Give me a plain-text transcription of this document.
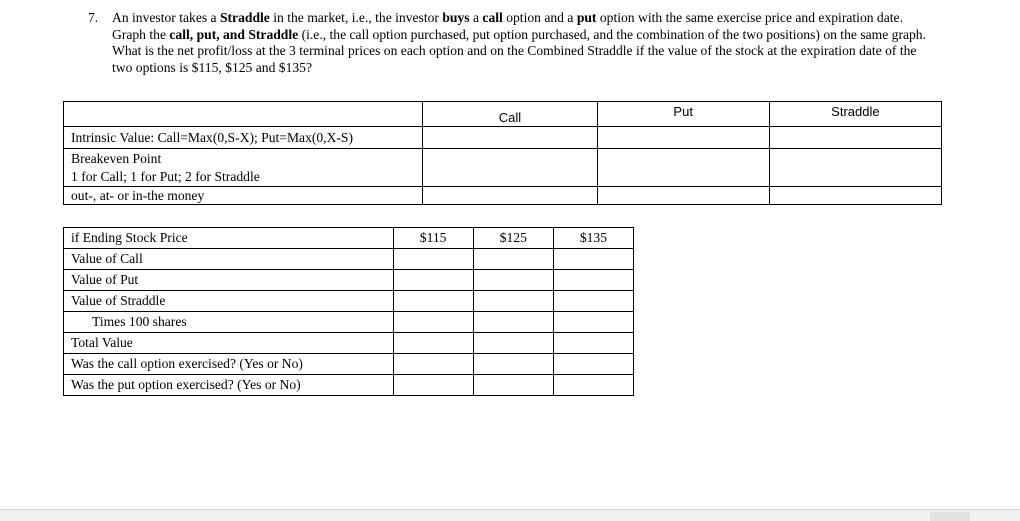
7. An investor takes a Straddle in the market, i.e., the investor buys a call option and a put option with the same exercise price and expiration date. Graph the call, put, and Straddle (i.e., the call option purchased, put option purchased, and the combination of the two positions) on the same graph. What is the net profit/loss at the 3 terminal prices on each option and on the Combined Straddle if the value of the stock at the expiration date of the two options is $115, $125 and $135?
	Call	Put	Straddle
Intrinsic Value: Call=Max(0,S-X); Put=Max(0,X-S)			

Breakeven Point
1 for Call; 1 for Put; 2 for Straddle			

out-, at- or in-the money			
if Ending Stock Price	$115	$125	$135
Value of Call			
Value of Put			
Value of Straddle			
Times 100 shares			
Total Value			
Was the call option exercised? (Yes or No)			
Was the put option exercised? (Yes or No)			
